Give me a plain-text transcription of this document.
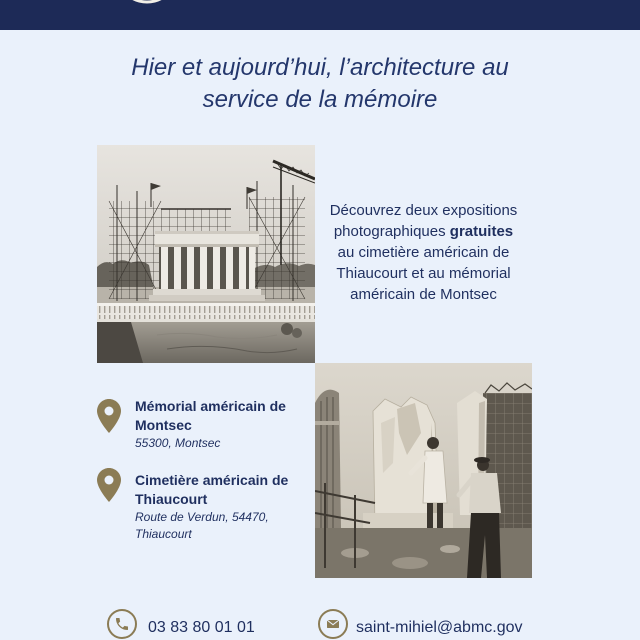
Hier et aujourd’hui, l’architecture au
service de la mémoire
Découvrez deux expositions
photographiques gratuites
au cimetière américain de
Thiaucourt et au mémorial
américain de Montsec
Mémorial américain de Montsec
55300, Montsec
Cimetière américain de Thiaucourt
Route de Verdun, 54470, Thiaucourt
03 83 80 01 01	saint-mihiel@abmc.gov
